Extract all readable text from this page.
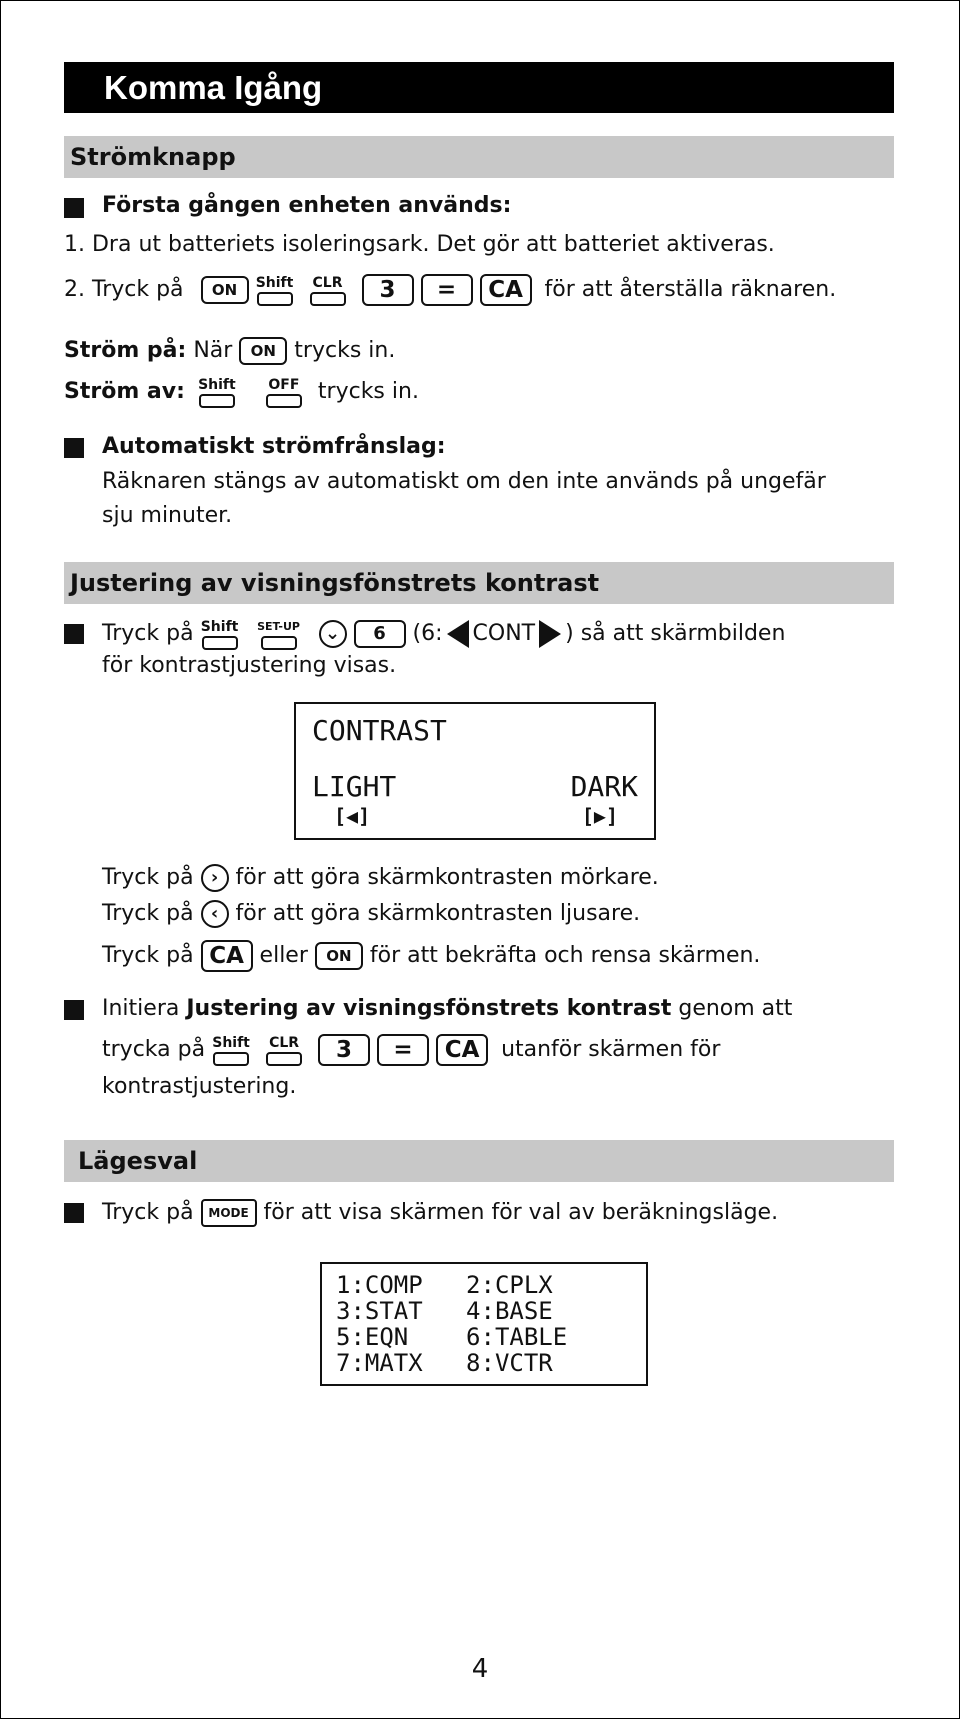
Komma Igång
Strömknapp
Första gången enheten används:
1. Dra ut batteriets isoleringsark. Det gör att batteriet aktiveras.
2. Tryck på ON Shift
CLR 3 = CA för att återställa räknaren.
Ström på: När ON trycks in.
Ström av: Shift
OFF trycks in.
Automatiskt strömfrånslag:
Räknaren stängs av automatiskt om den inte används på ungefär
sju minuter.
Justering av visningsfönstrets kontrast
Tryck på Shift
	SET-UP ⌄ 6 (6: CONT ) så att skärmbilden
för kontrastjustering visas.
CONTRAST
LIGHT	DARK
[◀]	[▶]
Tryck på › för att göra skärmkontrasten mörkare.
Tryck på ‹ för att göra skärmkontrasten ljusare.
Tryck på CA eller ON för att bekräfta och rensa skärmen.
Initiera Justering av visningsfönstrets kontrast genom att
trycka på Shift
CLR 3 = CA utanför skärmen för
kontrastjustering.
Lägesval
Tryck på MODE för att visa skärmen för val av beräkningsläge.
1:COMP   2:CPLX
3:STAT   4:BASE
5:EQN    6:TABLE
7:MATX   8:VCTR
4
